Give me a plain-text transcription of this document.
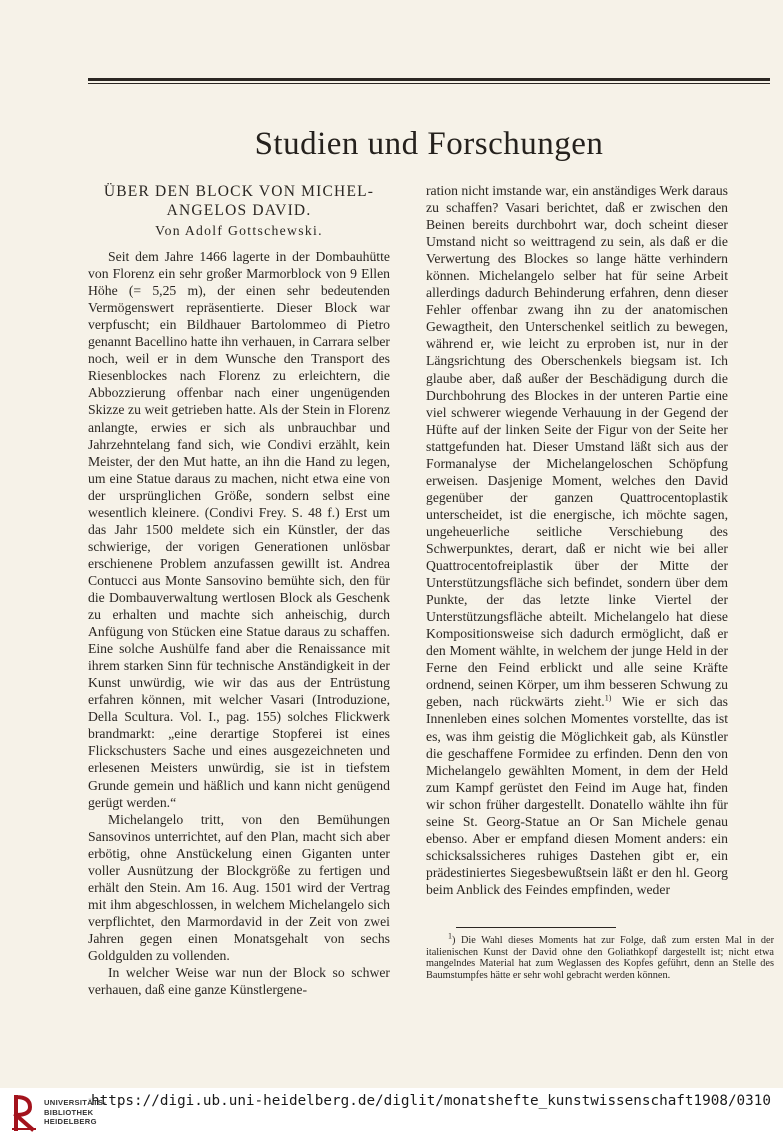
Studien und Forschungen
ÜBER DEN BLOCK VON MICHEL-
ANGELOS DAVID.
Von Adolf Gottschewski.

Seit dem Jahre 1466 lagerte in der Dombauhütte von Florenz ein sehr großer Marmorblock von 9 Ellen Höhe (= 5,25 m), der einen sehr bedeutenden Vermögenswert repräsentierte. Dieser Block war verpfuscht; ein Bildhauer Bartolommeo di Pietro genannt Bacellino hatte ihn verhauen, in Carrara selber noch, weil er in dem Wunsche den Transport des Riesenblockes nach Florenz zu erleichtern, die Abbozzierung offenbar nach einer ungenügenden Skizze zu weit getrieben hatte. Als der Stein in Florenz anlangte, erwies er sich als unbrauchbar und Jahrzehntelang fand sich, wie Condivi erzählt, kein Meister, der den Mut hatte, an ihn die Hand zu legen, um eine Statue daraus zu machen, nicht etwa eine von der ursprünglichen Größe, sondern selbst eine wesentlich kleinere. (Condivi Frey. S. 48 f.) Erst um das Jahr 1500 meldete sich ein Künstler, der das schwierige, der vorigen Generationen unlösbar erschienene Problem anzufassen gewillt ist. Andrea Contucci aus Monte Sansovino bemühte sich, den für die Dombauverwaltung wertlosen Block als Geschenk zu erhalten und machte sich anheischig, durch Anfügung von Stücken eine Statue daraus zu schaffen. Eine solche Aushülfe fand aber die Renaissance mit ihrem starken Sinn für technische Anständigkeit in der Kunst unwürdig, wie wir das aus der Entrüstung erfahren können, mit welcher Vasari (Introduzione, Della Scultura. Vol. I., pag. 155) solches Flickwerk brandmarkt: „eine derartige Stopferei ist eines Flickschusters Sache und eines ausgezeichneten und erlesenen Meisters unwürdig, sie ist in tiefstem Grunde gemein und häßlich und kann nicht genügend gerügt werden.“

Michelangelo tritt, von den Bemühungen Sansovinos unterrichtet, auf den Plan, macht sich aber erbötig, ohne Anstückelung einen Giganten unter voller Ausnützung der Blockgröße zu fertigen und erhält den Stein. Am 16. Aug. 1501 wird der Vertrag mit ihm abgeschlossen, in welchem Michelangelo sich verpflichtet, den Marmordavid in der Zeit von zwei Jahren gegen einen Monatsgehalt von sechs Goldgulden zu vollenden.

In welcher Weise war nun der Block so schwer verhauen, daß eine ganze Künstlergene-

ration nicht imstande war, ein anständiges Werk daraus zu schaffen? Vasari berichtet, daß er zwischen den Beinen bereits durchbohrt war, doch scheint dieser Umstand nicht so weittragend zu sein, als daß er die Verwertung des Blockes so lange hätte verhindern können. Michelangelo selber hat für seine Arbeit allerdings dadurch Behinderung erfahren, denn dieser Fehler offenbar zwang ihn zu der anatomischen Gewagtheit, den Unterschenkel seitlich zu bewegen, während er, wie leicht zu erproben ist, nur in der Längsrichtung des Oberschenkels biegsam ist. Ich glaube aber, daß außer der Beschädigung durch die Durchbohrung des Blockes in der unteren Partie eine viel schwerer wiegende Verhauung in der Gegend der Hüfte auf der linken Seite der Figur von der Seite her stattgefunden hat. Dieser Umstand läßt sich aus der Formanalyse der Michelangeloschen Schöpfung erweisen. Dasjenige Moment, welches den David gegenüber der ganzen Quattrocentoplastik unterscheidet, ist die energische, ich möchte sagen, ungeheuerliche seitliche Verschiebung des Schwerpunktes, derart, daß er nicht wie bei aller Quattrocentofreiplastik über der Mitte der Unterstützungsfläche sich befindet, sondern über dem Punkte, der das letzte linke Viertel der Unterstützungsfläche abteilt. Michelangelo hat diese Kompositionsweise sich dadurch ermöglicht, daß er den Moment wählte, in welchem der junge Held in der Ferne den Feind erblickt und alle seine Kräfte ordnend, seinen Körper, um ihm besseren Schwung zu geben, nach rückwärts zieht.$^{1)}$ Wie er sich das Innenleben eines solchen Momentes vorstellte, das ist es, was ihm geistig die Möglichkeit gab, als Künstler die geschaffene Formidee zu erfinden. Denn den von Michelangelo gewählten Moment, in dem der Held zum Kampf gerüstet den Feind im Auge hat, finden wir schon früher dargestellt. Donatello wählte ihn für seine St. Georg-Statue an Or San Michele genau ebenso. Aber er empfand diesen Moment anders: ein schicksalssicheres ruhiges Dastehen gibt er, ein prädestiniertes Siegesbewußtsein läßt er den hl. Georg beim Anblick des Feindes empfinden, weder

$^1$) Die Wahl dieses Moments hat zur Folge, daß zum ersten Mal in der italienischen Kunst der David ohne den Goliathkopf dargestellt ist; nicht etwa mangelndes Material hat zum Weglassen des Kopfes geführt, denn an Stelle des Baumstumpfes hätte er sehr wohl gebracht werden können.

UNIVERSITÄTS-
BIBLIOTHEK
HEIDELBERG
https://digi.ub.uni-heidelberg.de/diglit/monatshefte_kunstwissenschaft1908/0310
